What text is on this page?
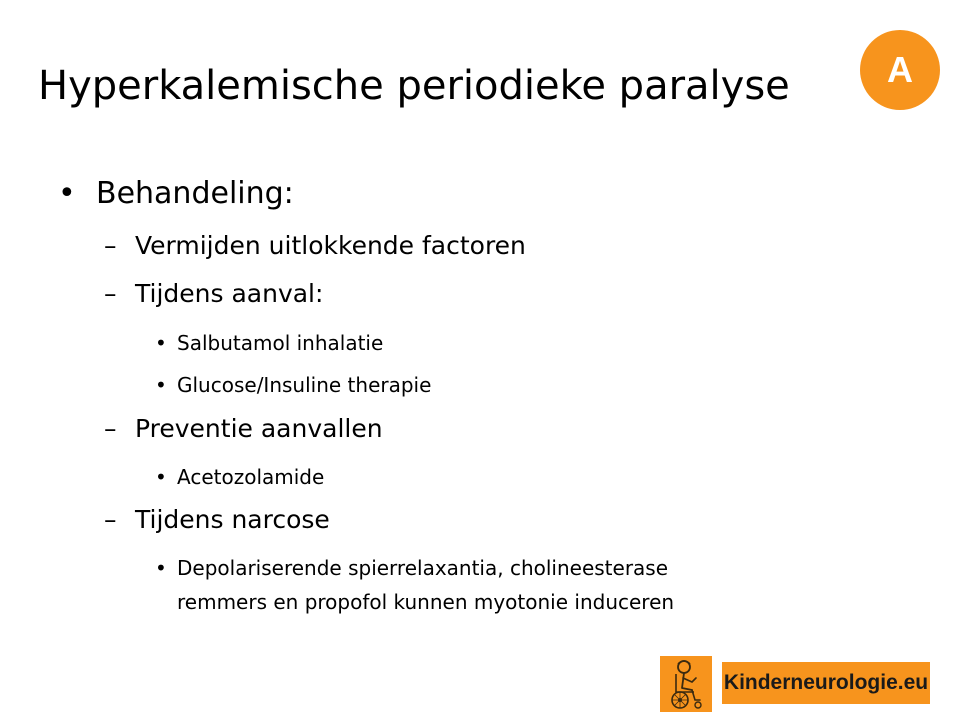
Hyperkalemische periodieke paralyse	A
• Behandeling:
– Vermijden uitlokkende factoren
– Tijdens aanval:
• Salbutamol inhalatie
• Glucose/Insuline therapie
– Preventie aanvallen
• Acetozolamide
– Tijdens narcose
• Depolariserende spierrelaxantia, cholineesterase
remmers en propofol kunnen myotonie induceren
Kinderneurologie.eu
